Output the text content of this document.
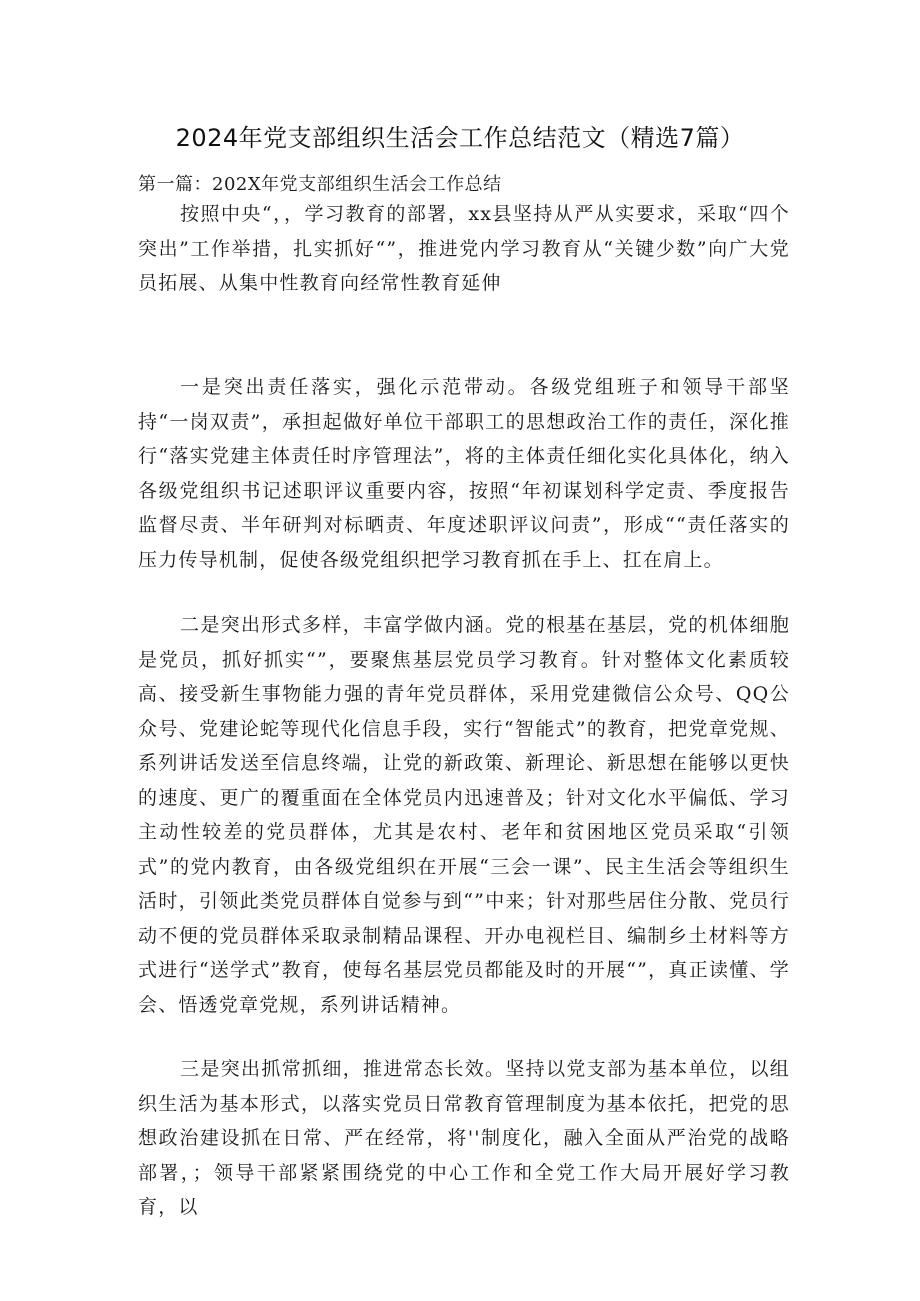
2024年党支部组织生活会工作总结范文（精选7篇）

第一篇：202X年党支部组织生活会工作总结

按照中央“，，学习教育的部署，xx县坚持从严从实要求，采取“四个突出”工作举措，扎实抓好“”，推进党内学习教育从“关键少数”向广大党员拓展、从集中性教育向经常性教育延伸

一是突出责任落实，强化示范带动。各级党组班子和领导干部坚持“一岗双责”，承担起做好单位干部职工的思想政治工作的责任，深化推行“落实党建主体责任时序管理法”，将的主体责任细化实化具体化，纳入各级党组织书记述职评议重要内容，按照“年初谋划科学定责、季度报告监督尽责、半年研判对标晒责、年度述职评议问责”，形成““责任落实的压力传导机制，促使各级党组织把学习教育抓在手上、扛在肩上。

二是突出形式多样，丰富学做内涵。党的根基在基层，党的机体细胞是党员，抓好抓实“”，要聚焦基层党员学习教育。针对整体文化素质较高、接受新生事物能力强的青年党员群体，采用党建微信公众号、QQ公众号、党建论蛇等现代化信息手段，实行“智能式”的教育，把党章党规、系列讲话发送至信息终端，让党的新政策、新理论、新思想在能够以更快的速度、更广的覆重面在全体党员内迅速普及；针对文化水平偏低、学习主动性较差的党员群体，尤其是农村、老年和贫困地区党员采取“引领式”的党内教育，由各级党组织在开展“三会一课”、民主生活会等组织生活时，引领此类党员群体自觉参与到“”中来；针对那些居住分散、党员行动不便的党员群体采取录制精品课程、开办电视栏目、编制乡土材料等方式进行“送学式”教育，使每名基层党员都能及时的开展“”，真正读懂、学会、悟透党章党规，系列讲话精神。

三是突出抓常抓细，推进常态长效。坚持以党支部为基本单位，以组织生活为基本形式，以落实党员日常教育管理制度为基本依托，把党的思想政治建设抓在日常、严在经常，将''制度化，融入全面从严治党的战略部署，；领导干部紧紧围绕党的中心工作和全党工作大局开展好学习教育，以
